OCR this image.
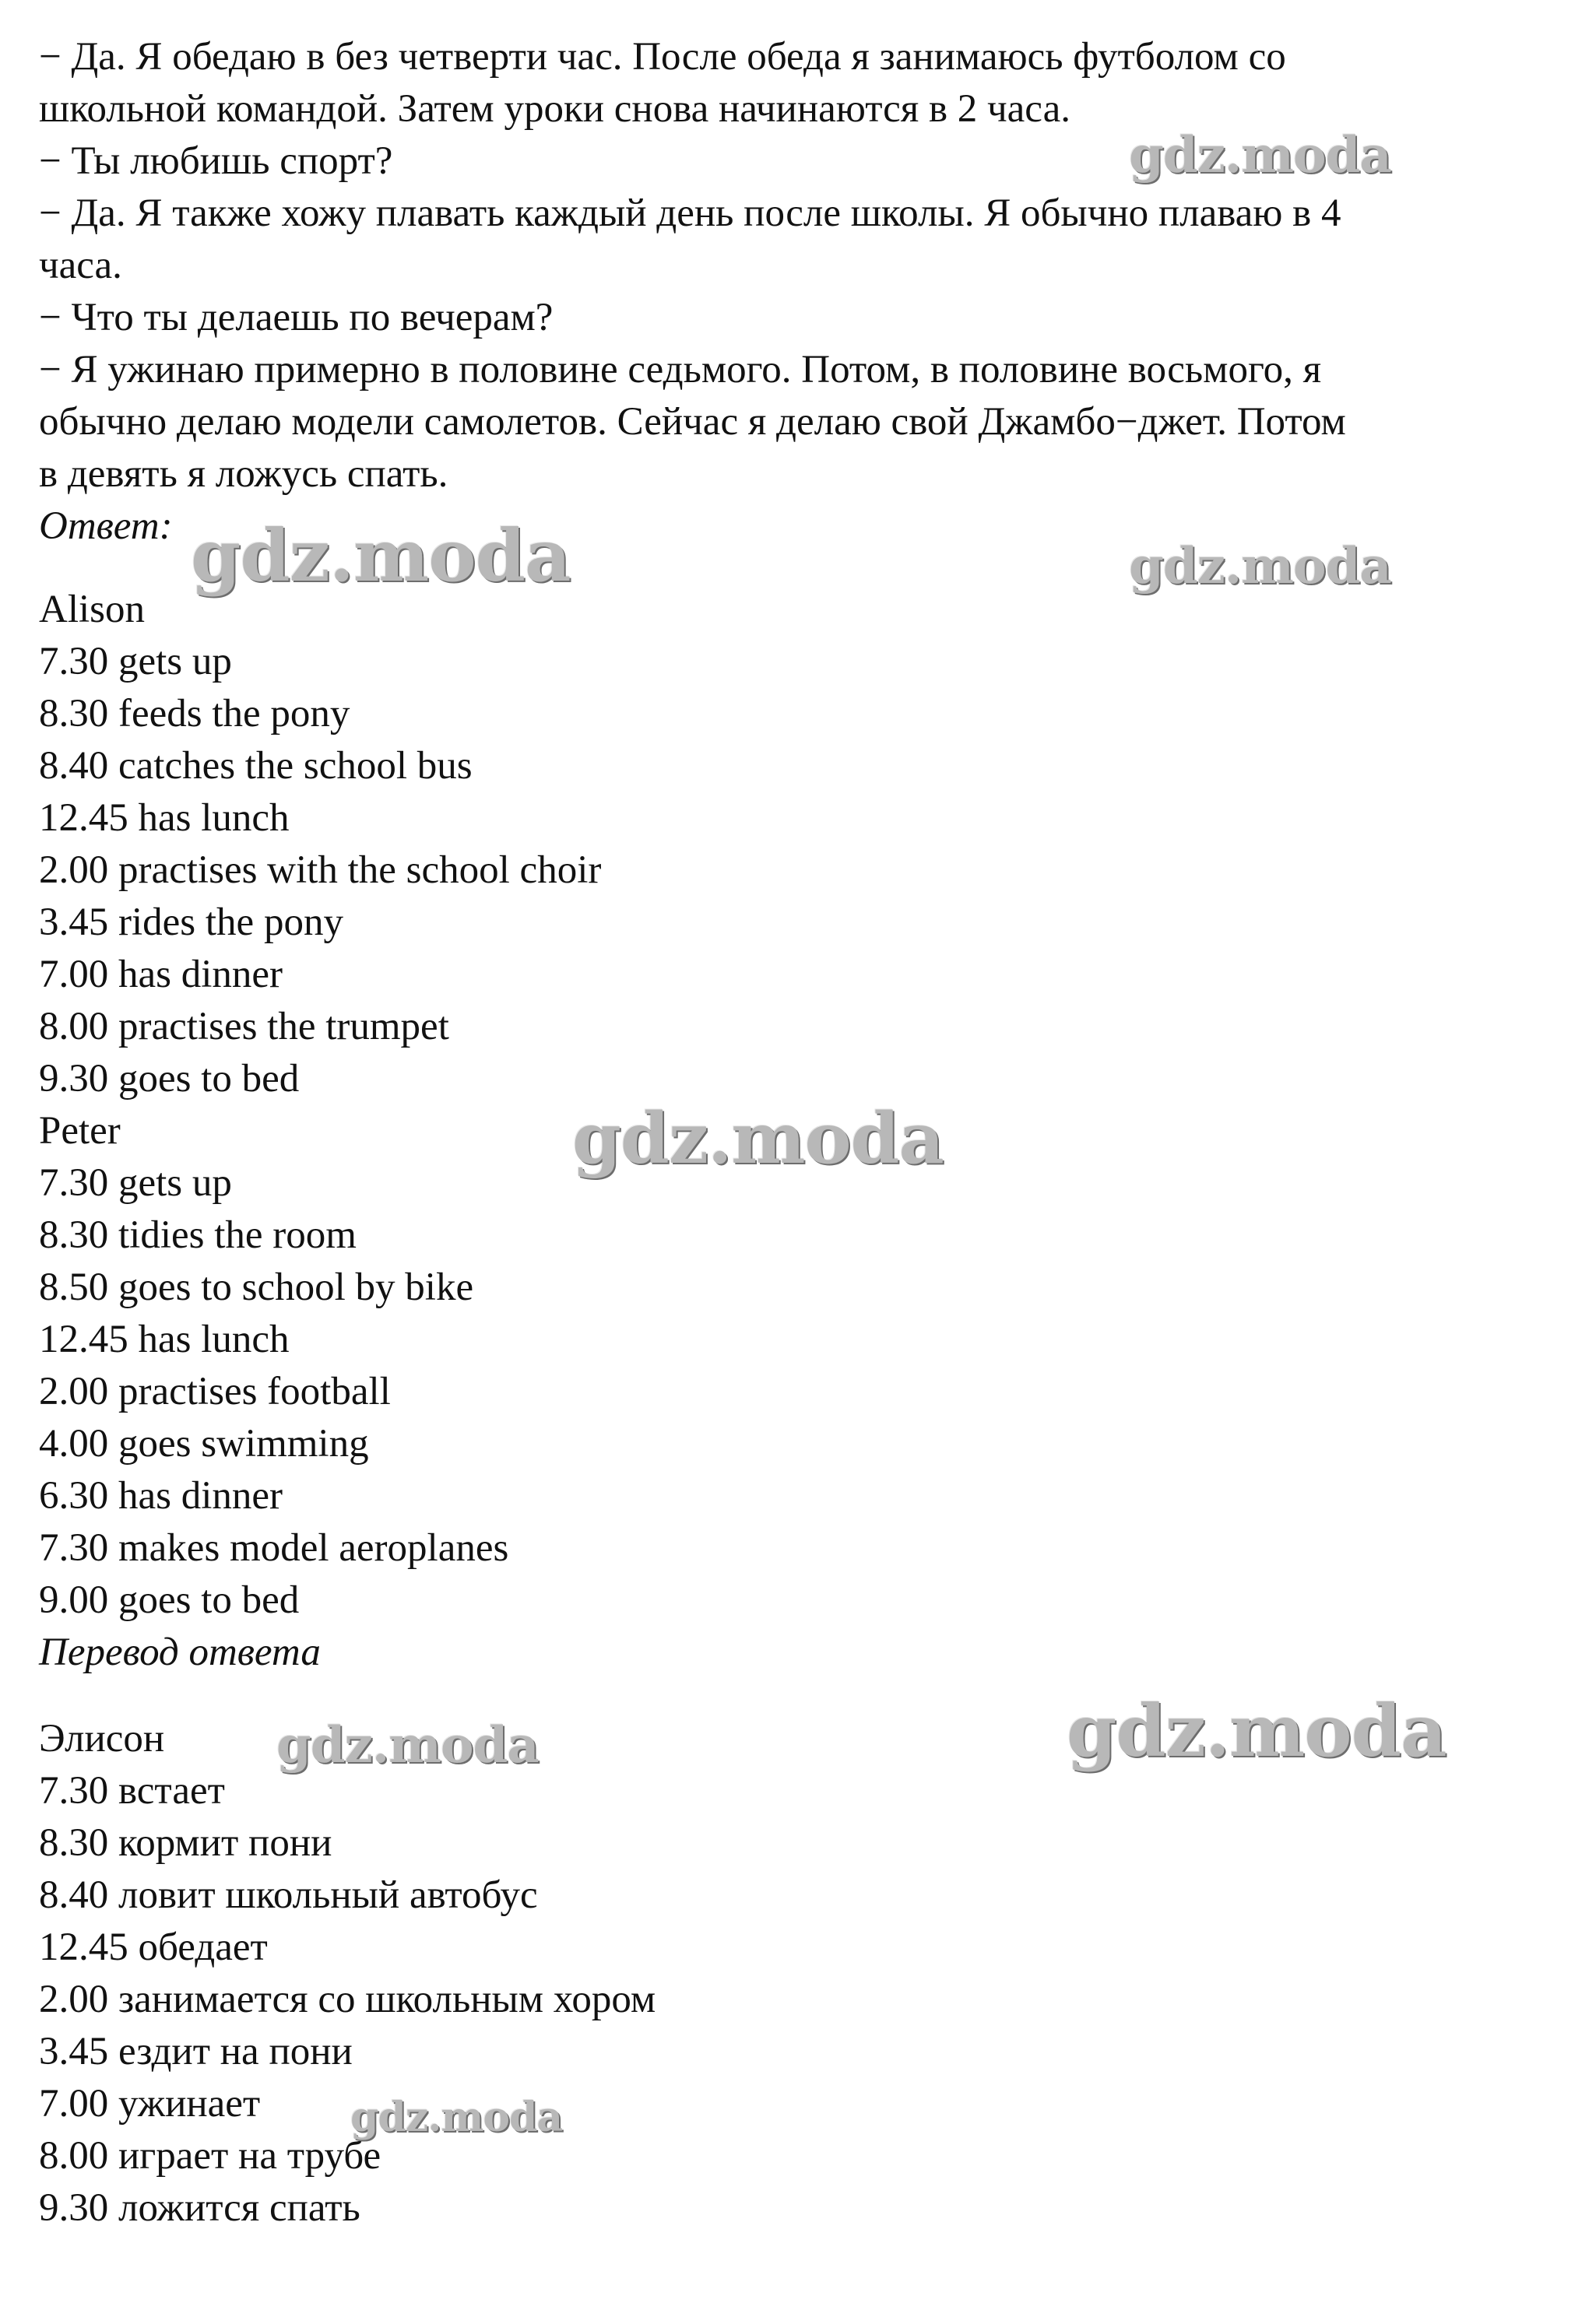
− Да. Я обедаю в без четверти час. После обеда я занимаюсь футболом со

школьной командой. Затем уроки снова начинаются в 2 часа.

− Ты любишь спорт?

− Да. Я также хожу плавать каждый день после школы. Я обычно плаваю в 4

часа.

− Что ты делаешь по вечерам?

− Я ужинаю примерно в половине седьмого. Потом, в половине восьмого, я

обычно делаю модели самолетов. Сейчас я делаю свой Джамбо−джет. Потом

в девять я ложусь спать.

Ответ:

Alison

7.30 gets up

8.30 feeds the pony

8.40 catches the school bus

12.45 has lunch

2.00 practises with the school choir

3.45 rides the pony

7.00 has dinner

8.00 practises the trumpet

9.30 goes to bed

Peter

7.30 gets up

8.30 tidies the room

8.50 goes to school by bike

12.45 has lunch

2.00 practises football

4.00 goes swimming

6.30 has dinner

7.30 makes model aeroplanes

9.00 goes to bed

Перевод ответа

Элисон

7.30 встает

8.30 кормит пони

8.40 ловит школьный автобус

12.45 обедает

2.00 занимается со школьным хором

3.45 ездит на пони

7.00 ужинает

8.00 играет на трубе

9.30 ложится спать

gdz.moda
gdz.moda	gdz.moda
gdz.moda
gdz.moda	gdz.moda
gdz.moda
